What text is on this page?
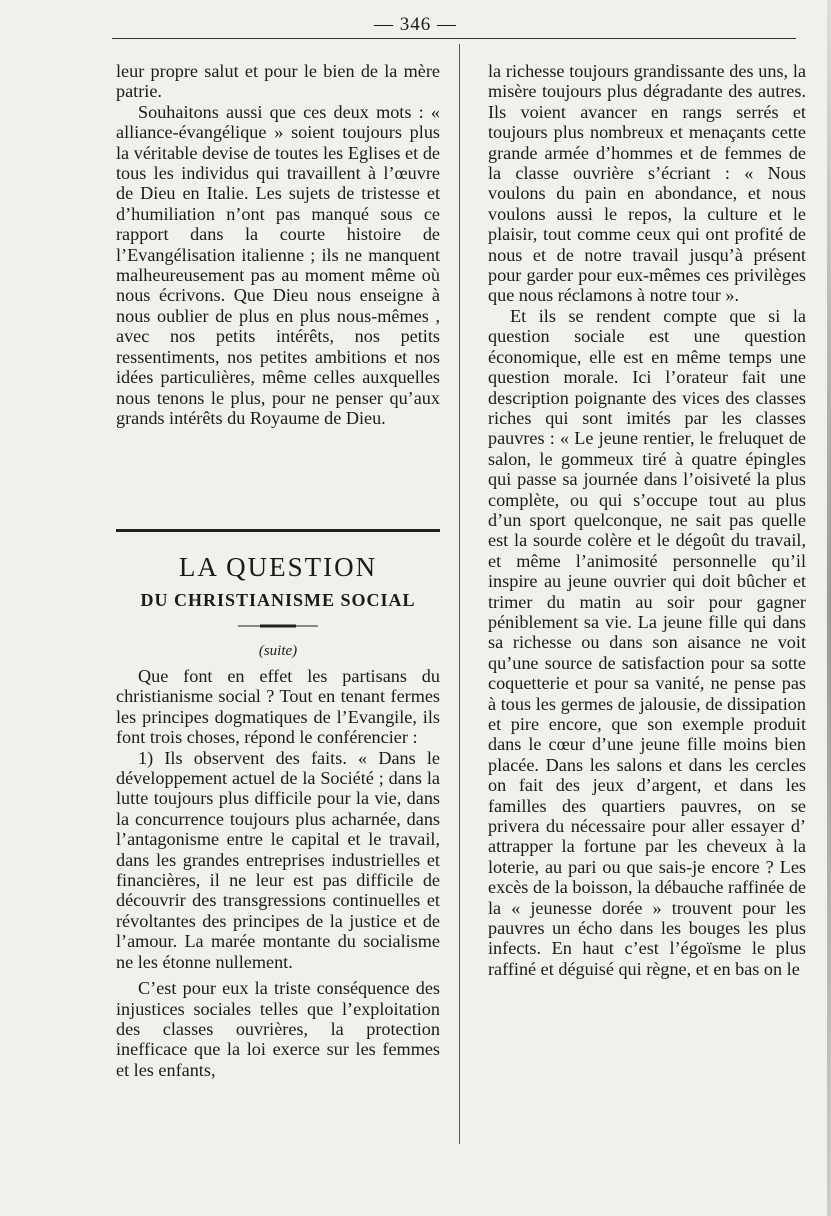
— 346 —

leur propre salut et pour le bien de la mère patrie.

Souhaitons aussi que ces deux mots : « alliance-évangélique » soient toujours plus la véritable devise de toutes les Eglises et de tous les individus qui travaillent à l’œuvre de Dieu en Italie. Les sujets de tristesse et d’humiliation n’ont pas manqué sous ce rapport dans la courte histoire de l’Evangélisation italienne ; ils ne manquent malheureusement pas au moment même où nous écrivons. Que Dieu nous enseigne à nous oublier de plus en plus nous-mêmes , avec nos petits intérêts, nos petits ressentiments, nos petites ambitions et nos idées particulières, même celles auxquelles nous tenons le plus, pour ne penser qu’aux grands intérêts du Royaume de Dieu.

LA QUESTION
DU CHRISTIANISME SOCIAL
(suite)

Que font en effet les partisans du christianisme social ? Tout en tenant fermes les principes dogmatiques de l’Evangile, ils font trois choses, répond le conférencier :

1) Ils observent des faits. « Dans le développement actuel de la Société ; dans la lutte toujours plus difficile pour la vie, dans la concurrence toujours plus acharnée, dans l’antagonisme entre le capital et le travail, dans les grandes entreprises industrielles et financières, il ne leur est pas difficile de découvrir des transgressions continuelles et révoltantes des principes de la justice et de l’amour. La marée montante du socialisme ne les étonne nullement.

C’est pour eux la triste conséquence des injustices sociales telles que l’exploitation des classes ouvrières, la protection inefficace que la loi exerce sur les femmes et les enfants,

la richesse toujours grandissante des uns, la misère toujours plus dégradante des autres. Ils voient avancer en rangs serrés et toujours plus nombreux et menaçants cette grande armée d’hommes et de femmes de la classe ouvrière s’écriant : « Nous voulons du pain en abondance, et nous voulons aussi le repos, la culture et le plaisir, tout comme ceux qui ont profité de nous et de notre travail jusqu’à présent pour garder pour eux-mêmes ces privilèges que nous réclamons à notre tour ».

Et ils se rendent compte que si la question sociale est une question économique, elle est en même temps une question morale. Ici l’orateur fait une description poignante des vices des classes riches qui sont imités par les classes pauvres : « Le jeune rentier, le freluquet de salon, le gommeux tiré à quatre épingles qui passe sa journée dans l’oisiveté la plus complète, ou qui s’occupe tout au plus d’un sport quelconque, ne sait pas quelle est la sourde colère et le dégoût du travail, et même l’animosité personnelle qu’il inspire au jeune ouvrier qui doit bûcher et trimer du matin au soir pour gagner péniblement sa vie. La jeune fille qui dans sa richesse ou dans son aisance ne voit qu’une source de satisfaction pour sa sotte coquetterie et pour sa vanité, ne pense pas à tous les germes de jalousie, de dissipation et pire encore, que son exemple produit dans le cœur d’une jeune fille moins bien placée. Dans les salons et dans les cercles on fait des jeux d’argent, et dans les familles des quartiers pauvres, on se privera du nécessaire pour aller essayer d’ attrapper la fortune par les cheveux à la loterie, au pari ou que sais-je encore ? Les excès de la boisson, la débauche raffinée de la « jeunesse dorée » trouvent pour les pauvres un écho dans les bouges les plus infects. En haut c’est l’égoïsme le plus raffiné et déguisé qui règne, et en bas on le
